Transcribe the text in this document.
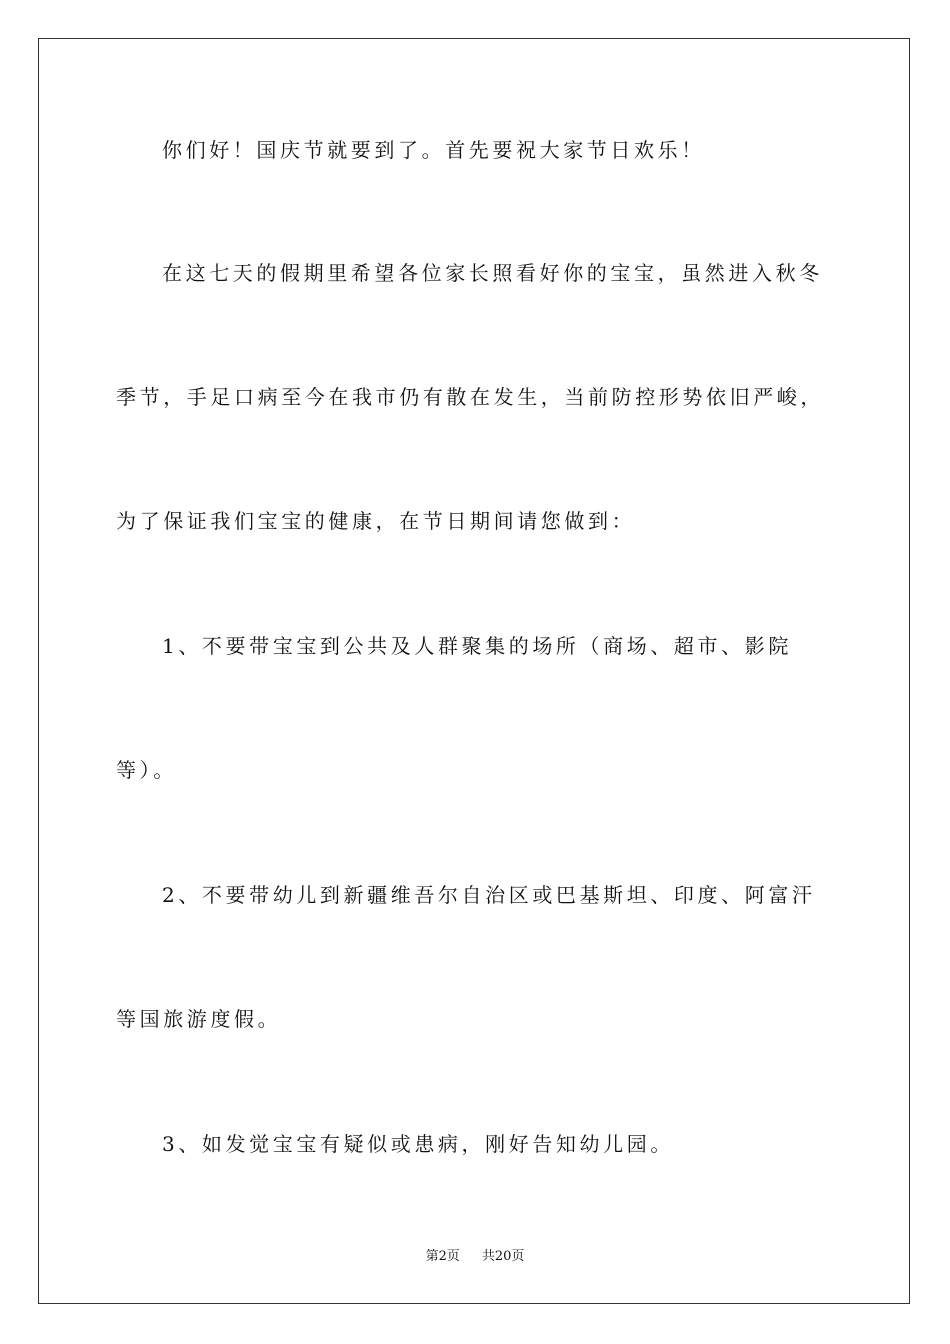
你们好！国庆节就要到了。首先要祝大家节日欢乐！
在这七天的假期里希望各位家长照看好你的宝宝，虽然进入秋冬
季节，手足口病至今在我市仍有散在发生，当前防控形势依旧严峻，
为了保证我们宝宝的健康，在节日期间请您做到：
1、不要带宝宝到公共及人群聚集的场所（商场、超市、影院
等）。
2、不要带幼儿到新疆维吾尔自治区或巴基斯坦、印度、阿富汗
等国旅游度假。
3、如发觉宝宝有疑似或患病，刚好告知幼儿园。
第2页 共20页
